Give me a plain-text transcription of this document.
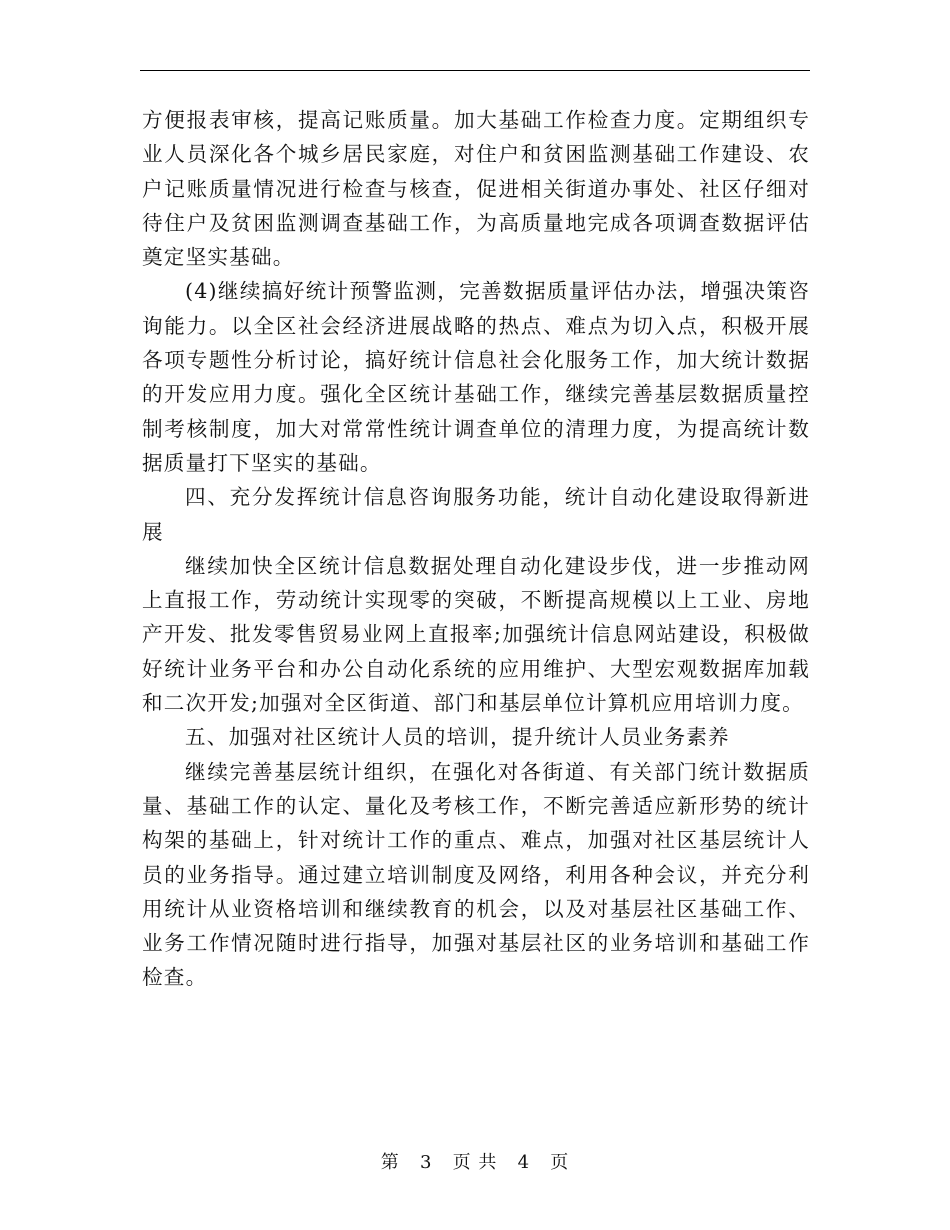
方便报表审核，提高记账质量。加大基础工作检查力度。定期组织专业人员深化各个城乡居民家庭，对住户和贫困监测基础工作建设、农户记账质量情况进行检查与核查，促进相关街道办事处、社区仔细对待住户及贫困监测调查基础工作，为高质量地完成各项调查数据评估奠定坚实基础。

(4)继续搞好统计预警监测，完善数据质量评估办法，增强决策咨询能力。以全区社会经济进展战略的热点、难点为切入点，积极开展各项专题性分析讨论，搞好统计信息社会化服务工作，加大统计数据的开发应用力度。强化全区统计基础工作，继续完善基层数据质量控制考核制度，加大对常常性统计调查单位的清理力度，为提高统计数据质量打下坚实的基础。

四、充分发挥统计信息咨询服务功能，统计自动化建设取得新进展

继续加快全区统计信息数据处理自动化建设步伐，进一步推动网上直报工作，劳动统计实现零的突破，不断提高规模以上工业、房地产开发、批发零售贸易业网上直报率;加强统计信息网站建设，积极做好统计业务平台和办公自动化系统的应用维护、大型宏观数据库加载和二次开发;加强对全区街道、部门和基层单位计算机应用培训力度。

五、加强对社区统计人员的培训，提升统计人员业务素养

继续完善基层统计组织，在强化对各街道、有关部门统计数据质量、基础工作的认定、量化及考核工作，不断完善适应新形势的统计构架的基础上，针对统计工作的重点、难点，加强对社区基层统计人员的业务指导。通过建立培训制度及网络，利用各种会议，并充分利用统计从业资格培训和继续教育的机会，以及对基层社区基础工作、业务工作情况随时进行指导，加强对基层社区的业务培训和基础工作检查。

第 3 页 共 4 页
